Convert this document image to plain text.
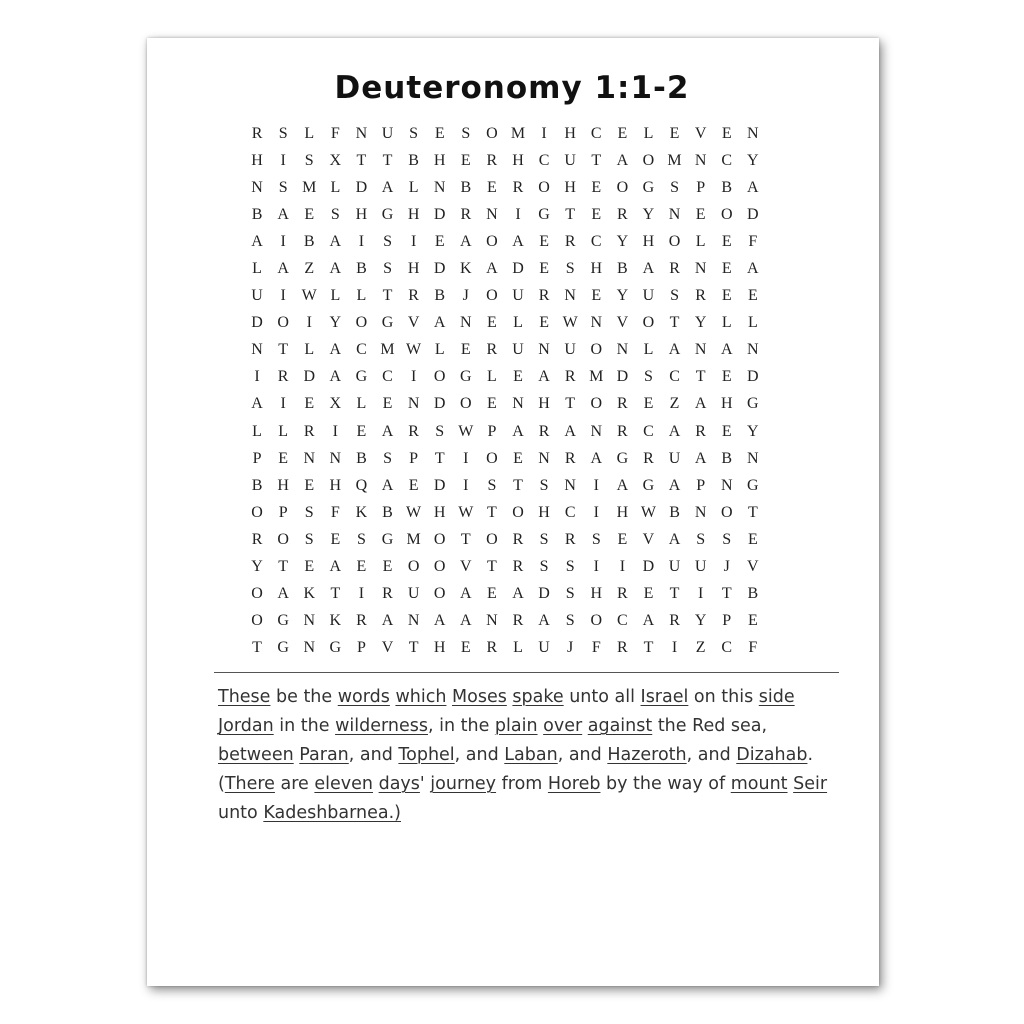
Deuteronomy 1:1-2
R	S	L	F N U S	E	S O M	I	H C E	L	E V E N
H	I	S X T	T B H E R H C U T A O M N C Y
N S M L D A L N B E R O H E O G S	P	B A
B A E	S H G H D R N	I	G T	E R Y N E O D
A	I	B A	I	S	I	E A O A E R C Y H O L	E	F
L A Z A B	S H D K A D E	S H B A R N E A
U	I W L	L	T R B	J	O U R N E Y U S	R E	E
D O	I	Y O G V A N E	L	E W N V O T Y L	L
N T	L A C M W L	E R U N U O N L A N A N
I	R D A G C	I	O G L	E A R M D S	C T	E D
A	I	E X L	E N D O E N H T O R E	Z A H G
L	L R	I	E A R	S W P A R A N R C A R E Y
P	E N N B	S	P	T	I	O E N R A G R U A B N
B H E H Q A E D	I	S	T	S N	I	A G A P N G
O P	S	F K B W H W T O H C	I	H W B N O T
R O S	E	S G M O T O R	S	R	S	E V A S	S	E
Y T	E A E	E O O V T R	S	S	I	I	D U U	J	V
O A K T	I	R U O A E A D S H R E	T	I	T B
O G N K R A N A A N R A S O C A R Y P	E
T G N G P V T H E R L U	J	F	R T	I	Z C	F

These be the words which Moses spake unto all Israel on this side Jordan in the wilderness, in the plain over against the Red sea, between Paran, and Tophel, and Laban, and Hazeroth, and Dizahab. (There are eleven days' journey from Horeb by the way of mount Seir unto Kadeshbarnea.)
